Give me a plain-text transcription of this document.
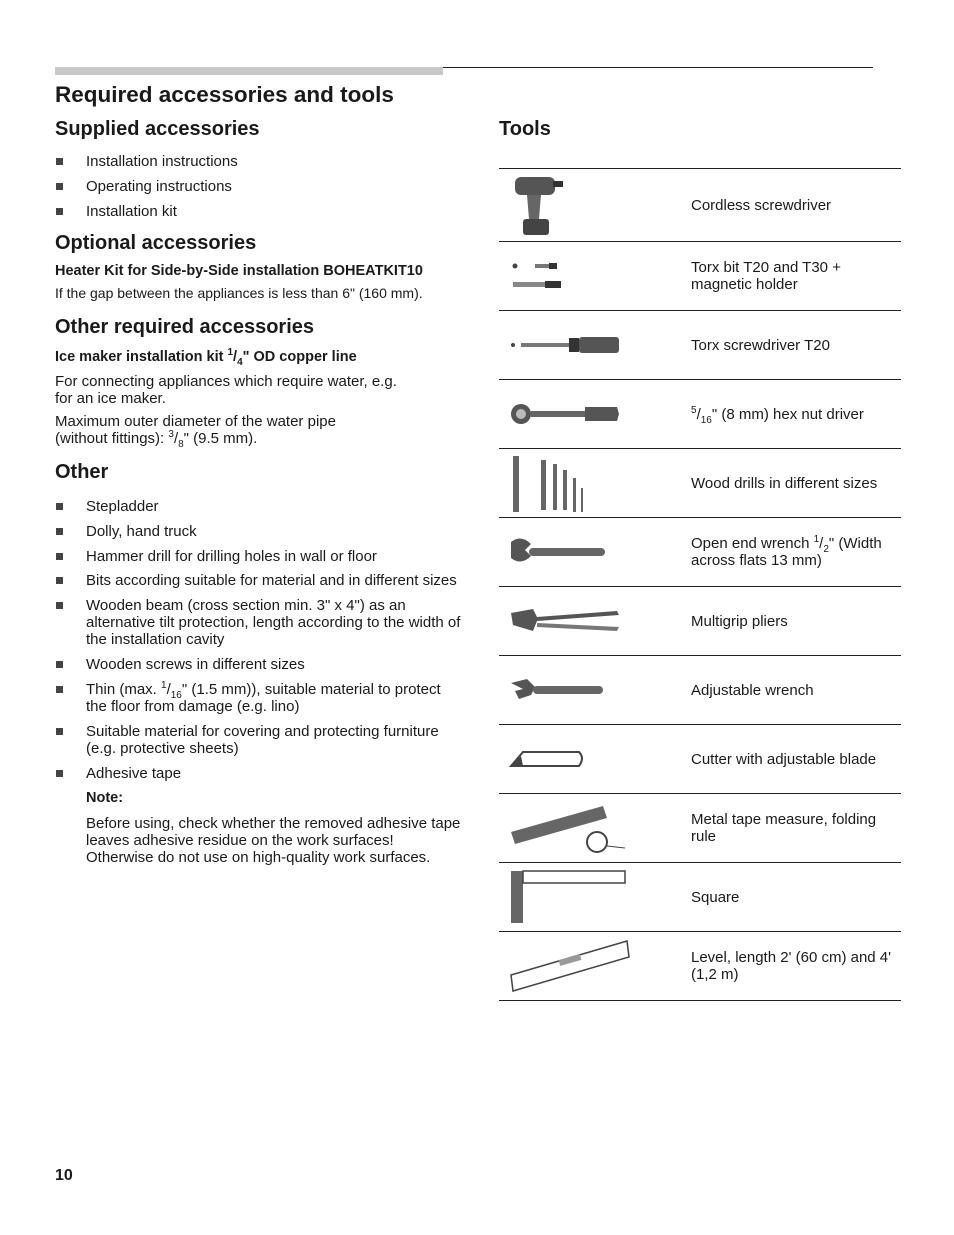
Required accessories and tools
Supplied accessories
Installation instructions
Operating instructions
Installation kit
Optional accessories
Heater Kit for Side-by-Side installation BOHEATKIT10

If the gap between the appliances is less than 6" (160 mm).

Other required accessories
Ice maker installation kit $^1/_4$" OD copper line

For connecting appliances which require water, e.g. for an ice maker.

Maximum outer diameter of the water pipe (without fittings): $^3/_8$" (9.5 mm).

Other
Stepladder
Dolly, hand truck
Hammer drill for drilling holes in wall or floor
Bits according suitable for material and in different sizes
Wooden beam (cross section min. 3" x 4") as an alternative tilt protection, length according to the width of the installation cavity
Wooden screws in different sizes
Thin (max. $^1/_{16}$" (1.5 mm)), suitable material to protect the floor from damage (e.g. lino)
Suitable material for covering and protecting furniture (e.g. protective sheets)
Adhesive tape

Note:

Before using, check whether the removed adhesive tape leaves adhesive residue on the work surfaces! Otherwise do not use on high-quality work surfaces.

Tools
Cordless screwdriver
Torx bit T20 and T30 + magnetic holder
Torx screwdriver T20
$^5/_{16}$" (8 mm) hex nut driver
Wood drills in different sizes
Open end wrench $^1/_2$" (Width across flats 13 mm)
Multigrip pliers
Adjustable wrench
Cutter with adjustable blade
Metal tape measure, folding rule
Square
Level, length 2' (60 cm) and 4' (1,2 m)
10
